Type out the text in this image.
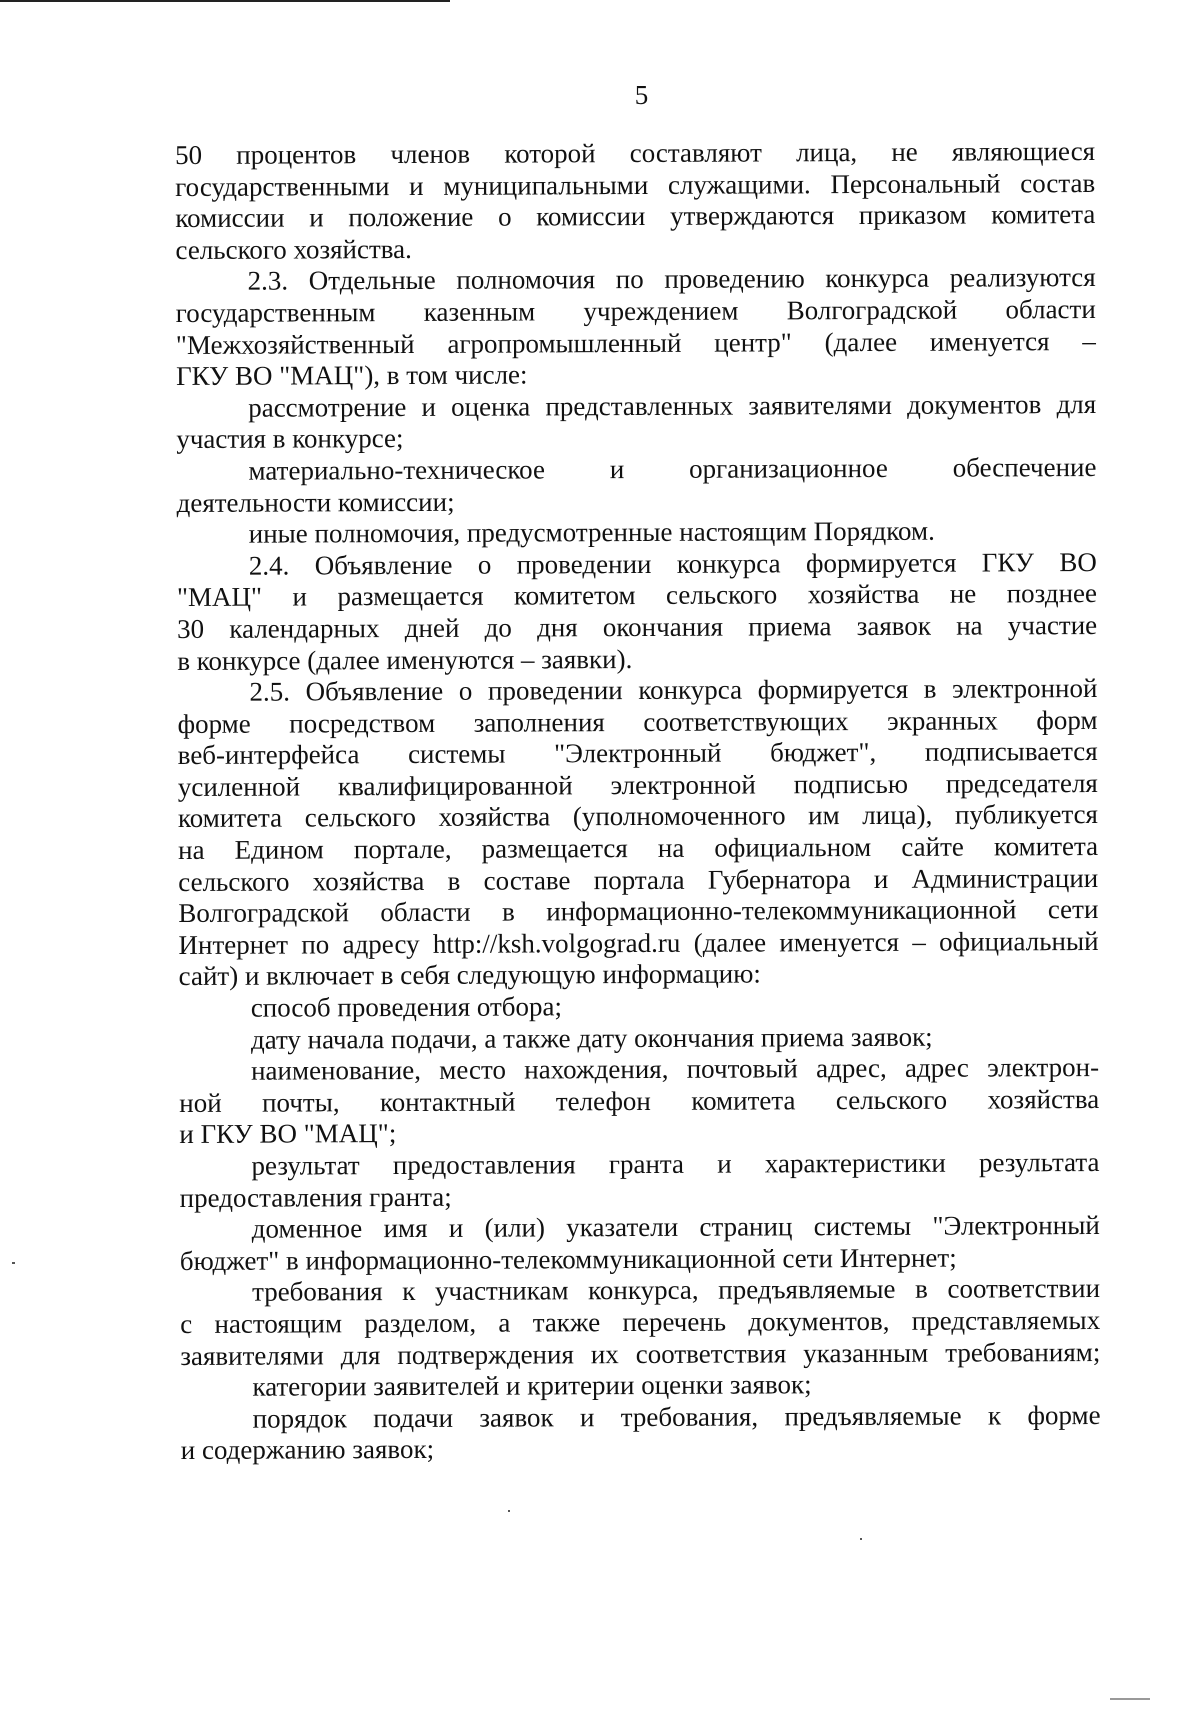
5
50 процентов членов которой составляют лица, не являющиеся
государственными и муниципальными служащими. Персональный состав
комиссии и положение о комиссии утверждаются приказом комитета
сельского хозяйства.
2.3. Отдельные полномочия по проведению конкурса реализуются
государственным казенным учреждением Волгоградской области
"Межхозяйственный агропромышленный центр" (далее именуется –
ГКУ ВО "МАЦ"), в том числе:
рассмотрение и оценка представленных заявителями документов для
участия в конкурсе;
материально-техническое и организационное обеспечение
деятельности комиссии;
иные полномочия, предусмотренные настоящим Порядком.
2.4. Объявление о проведении конкурса формируется ГКУ ВО
"МАЦ" и размещается комитетом сельского хозяйства не позднее
30 календарных дней до дня окончания приема заявок на участие
в конкурсе (далее именуются – заявки).
2.5. Объявление о проведении конкурса формируется в электронной
форме посредством заполнения соответствующих экранных форм
веб-интерфейса системы "Электронный бюджет", подписывается
усиленной квалифицированной электронной подписью председателя
комитета сельского хозяйства (уполномоченного им лица), публикуется
на Едином портале, размещается на официальном сайте комитета
сельского хозяйства в составе портала Губернатора и Администрации
Волгоградской области в информационно-телекоммуникационной сети
Интернет по адресу http://ksh.volgograd.ru (далее именуется – официальный
сайт) и включает в себя следующую информацию:
способ проведения отбора;
дату начала подачи, а также дату окончания приема заявок;
наименование, место нахождения, почтовый адрес, адрес электрон-
ной почты, контактный телефон комитета сельского хозяйства
и ГКУ ВО "МАЦ";
результат предоставления гранта и характеристики результата
предоставления гранта;
доменное имя и (или) указатели страниц системы "Электронный
бюджет" в информационно-телекоммуникационной сети Интернет;
требования к участникам конкурса, предъявляемые в соответствии
с настоящим разделом, а также перечень документов, представляемых
заявителями для подтверждения их соответствия указанным требованиям;
категории заявителей и критерии оценки заявок;
порядок подачи заявок и требования, предъявляемые к форме
и содержанию заявок;
